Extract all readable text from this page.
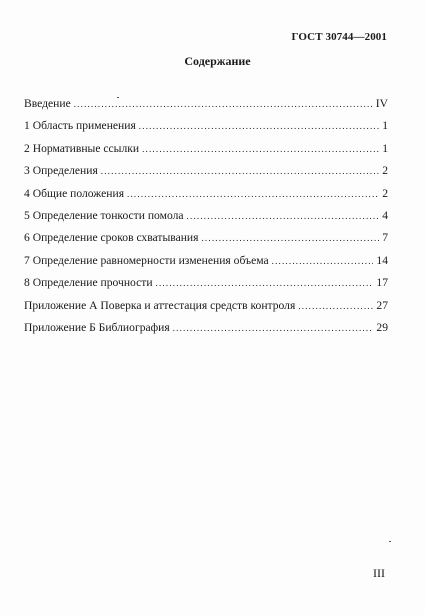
ГОСТ 30744—2001
Содержание
Введение .....	IV
1 Область применения .....	1
2 Нормативные ссылки .....	1
3 Определения .....	2
4 Общие положения .....	2
5 Определение тонкости помола .....	4
6 Определение сроков схватывания .....	7
7 Определение равномерности изменения объема .....	14
8 Определение прочности .....	17
Приложение А Поверка и аттестация средств контроля .....	27
Приложение Б Библиография .....	29
III
